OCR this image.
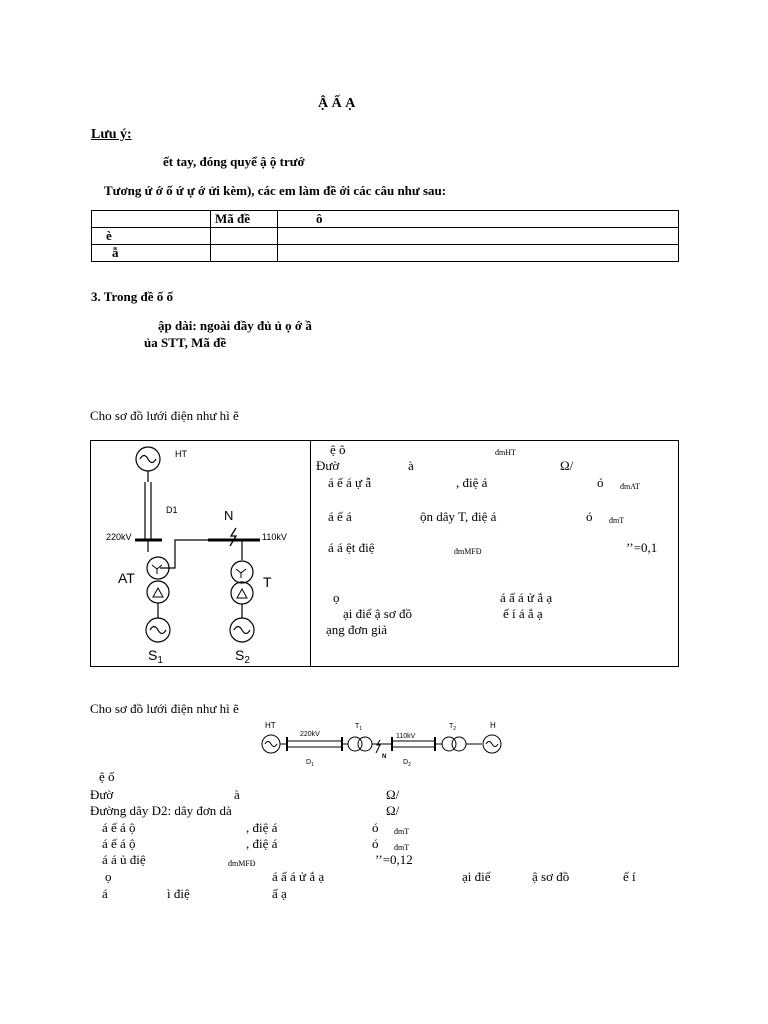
Ậ Ấ Ạ
Lưu ý:
ết tay, đóng quyể ậ ộ trướ
Tương ứ ớ ố ứ ự ớ ửi kèm), các em làm đề ới các câu như sau:
	Mã đề	ô
è		
ẫ		
3. Trong đề ố ố
ập dài: ngoài đầy đủ ủ ọ ớ ầ
ủa STT, Mã đề
Cho sơ đồ lưới điện như hì ẽ
HT
D1
220kV	110kV
N
AT
$S_1$
T
$S_2$
ệ ô	đmHT
Đườ	à	Ω/
á ế á ự ẫ	, điệ á	ó đmAT
á ế á	ộn dây T, điệ á	ó đmT
á á ệt điệ	đmMFĐ	’’=0,1
ọ	á ấ á ử ắ ạ
ại điể ậ sơ đồ	ế í á ắ ạ
ạng đơn giả
Cho sơ đồ lưới điện như hì ẽ
HT
220kV
$D_1$
$T_1$
N
110kV
$D_2$
$T_2$	H
ệ ố
Đườ	à	Ω/
Đường dây D2: dây đơn dà	Ω/
á ế á ộ	, điệ á	ó đmT
á ế á ộ	, điệ á	ó đmT
á á ủ điệ	đmMFĐ	’’=0,12
ọ	á ấ á ử ắ ạ	ại điể	ậ sơ đồ	ế í
á	ì điệ	ấ ạ
